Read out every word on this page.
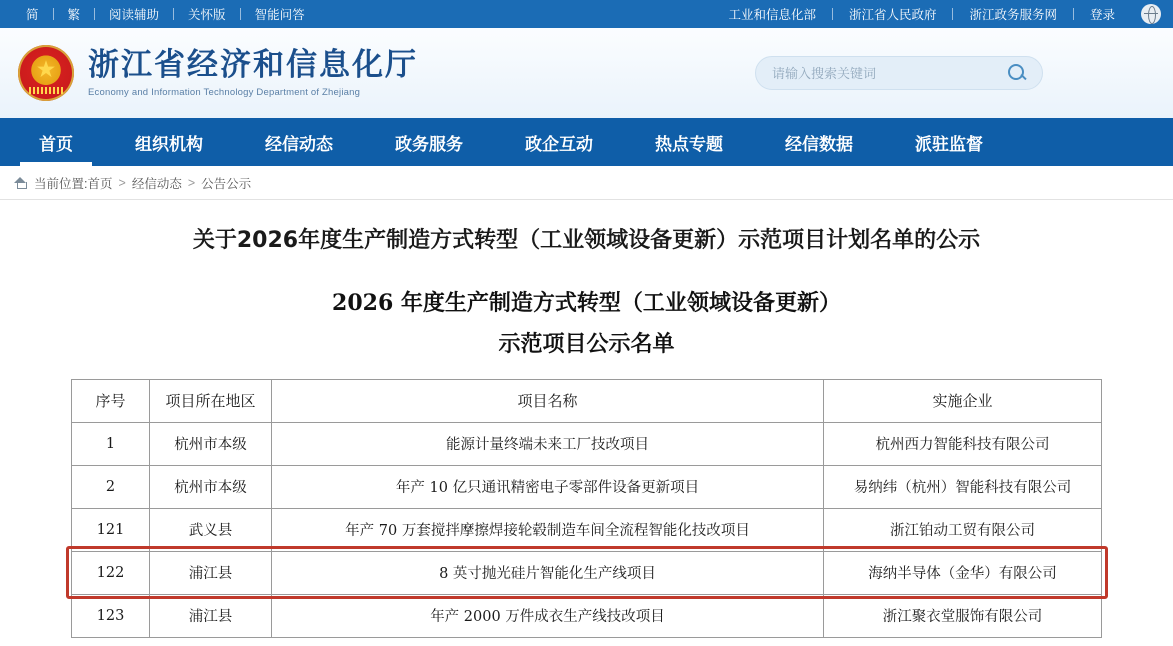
简	繁	阅读辅助	关怀版	智能问答	工业和信息化部	浙江省人民政府	浙江政务服务网	登录
★ 浙江省经济和信息化厅
Economy and Information Technology Department of Zhejiang
请输入搜索关键词
首页	组织机构	经信动态	政务服务	政企互动	热点专题	经信数据	派驻监督
当前位置: 首页 > 经信动态 > 公告公示
关于2026年度生产制造方式转型（工业领域设备更新）示范项目计划名单的公示
2026 年度生产制造方式转型（工业领域设备更新）
示范项目公示名单
序号	项目所在地区	项目名称	实施企业
1	杭州市本级	能源计量终端未来工厂技改项目	杭州西力智能科技有限公司
2	杭州市本级	年产 10 亿只通讯精密电子零部件设备更新项目	易纳纬（杭州）智能科技有限公司
121	武义县	年产 70 万套搅拌摩擦焊接轮毂制造车间全流程智能化技改项目	浙江铂动工贸有限公司
122	浦江县	8 英寸抛光硅片智能化生产线项目	海纳半导体（金华）有限公司
123	浦江县	年产 2000 万件成衣生产线技改项目	浙江聚衣堂服饰有限公司
